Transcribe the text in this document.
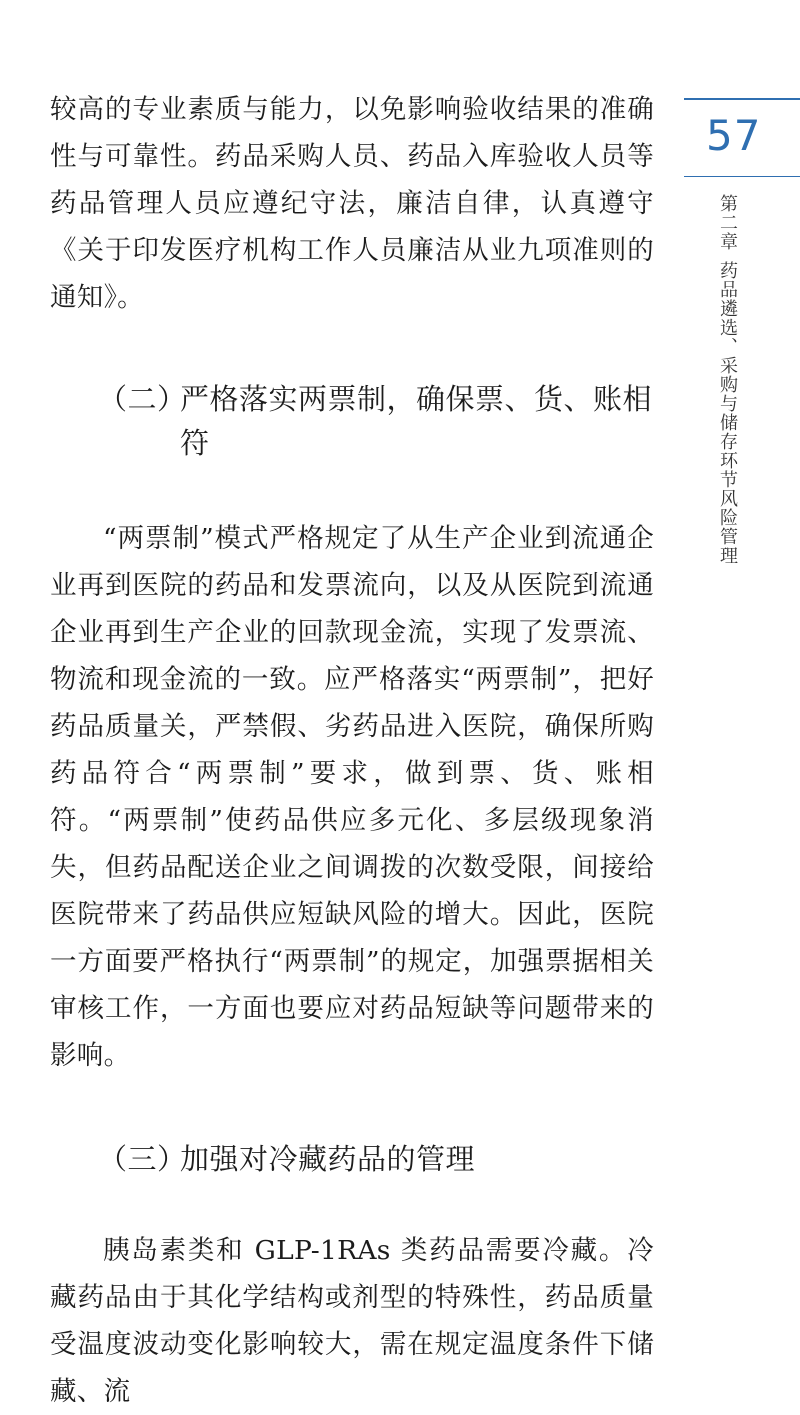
较高的专业素质与能力，以免影响验收结果的准确性与可靠性。药品采购人员、药品入库验收人员等药品管理人员应遵纪守法，廉洁自律，认真遵守《关于印发医疗机构工作人员廉洁从业九项准则的通知》。

（二）
严格落实两票制，确保票、货、账相符

“两票制”模式严格规定了从生产企业到流通企业再到医院的药品和发票流向，以及从医院到流通企业再到生产企业的回款现金流，实现了发票流、物流和现金流的一致。应严格落实“两票制”，把好药品质量关，严禁假、劣药品进入医院，确保所购药品符合“两票制”要求，做到票、货、账相符。“两票制”使药品供应多元化、多层级现象消失，但药品配送企业之间调拨的次数受限，间接给医院带来了药品供应短缺风险的增大。因此，医院一方面要严格执行“两票制”的规定，加强票据相关审核工作，一方面也要应对药品短缺等问题带来的影响。

（三）
加强对冷藏药品的管理

胰岛素类和 GLP-1RAs 类药品需要冷藏。冷藏药品由于其化学结构或剂型的特殊性，药品质量受温度波动变化影响较大，需在规定温度条件下储藏、流

57
第二章药品遴选、采购与储存环节风险管理
